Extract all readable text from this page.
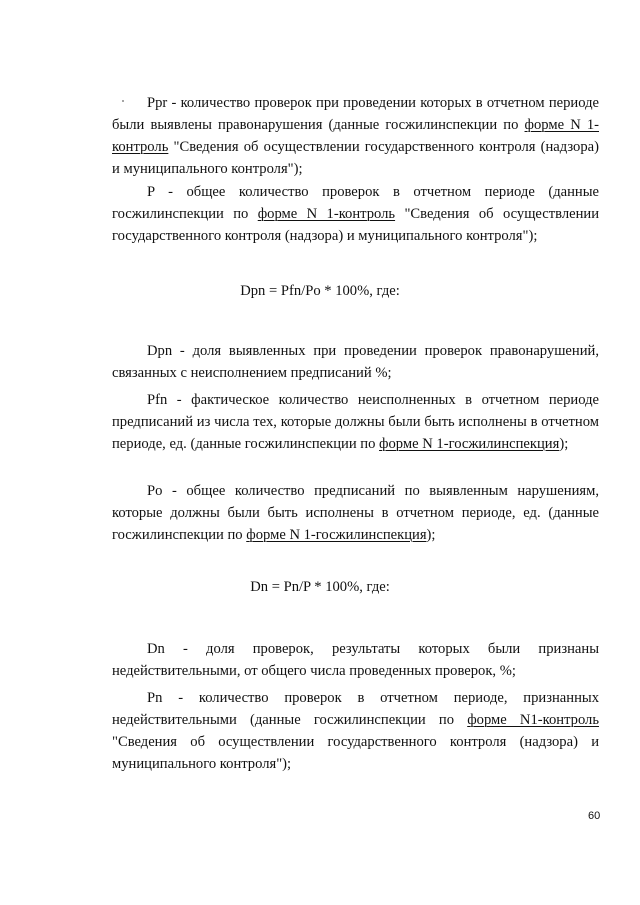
Ppr - количество проверок при проведении которых в отчетном периоде были выявлены правонарушения (данные госжилинспекции по форме N 1-контроль "Сведения об осуществлении государственного контроля (надзора) и муниципального контроля");

P - общее количество проверок в отчетном периоде (данные госжилинспекции по форме N 1-контроль "Сведения об осуществлении государственного контроля (надзора) и муниципального контроля");

Dpn = Pfn/Po * 100%, где:

Dpn - доля выявленных при проведении проверок правонарушений, связанных с неисполнением предписаний %;

Pfn - фактическое количество неисполненных в отчетном периоде предписаний из числа тех, которые должны были быть исполнены в отчетном периоде, ед. (данные госжилинспекции по форме N 1-госжилинспекция);

Po - общее количество предписаний по выявленным нарушениям, которые должны были быть исполнены в отчетном периоде, ед. (данные госжилинспекции по форме N 1-госжилинспекция);

Dn = Pn/P * 100%, где:

Dn - доля проверок, результаты которых были признаны недействительными, от общего числа проведенных проверок, %;

Pn - количество проверок в отчетном периоде, признанных недействительными (данные госжилинспекции по форме N1-контроль "Сведения об осуществлении государственного контроля (надзора) и муниципального контроля");

60
